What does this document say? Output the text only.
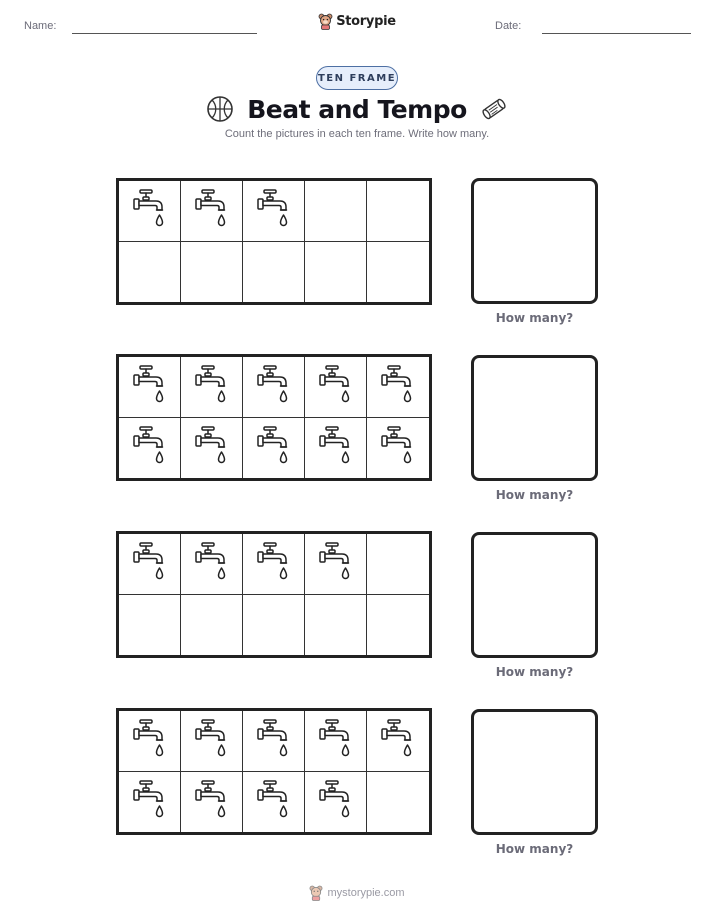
Name:	Storypie	Date:
TEN FRAME
Beat and Tempo
Count the pictures in each ten frame. Write how many.
How many?
How many?
How many?
How many?
mystorypie.com
